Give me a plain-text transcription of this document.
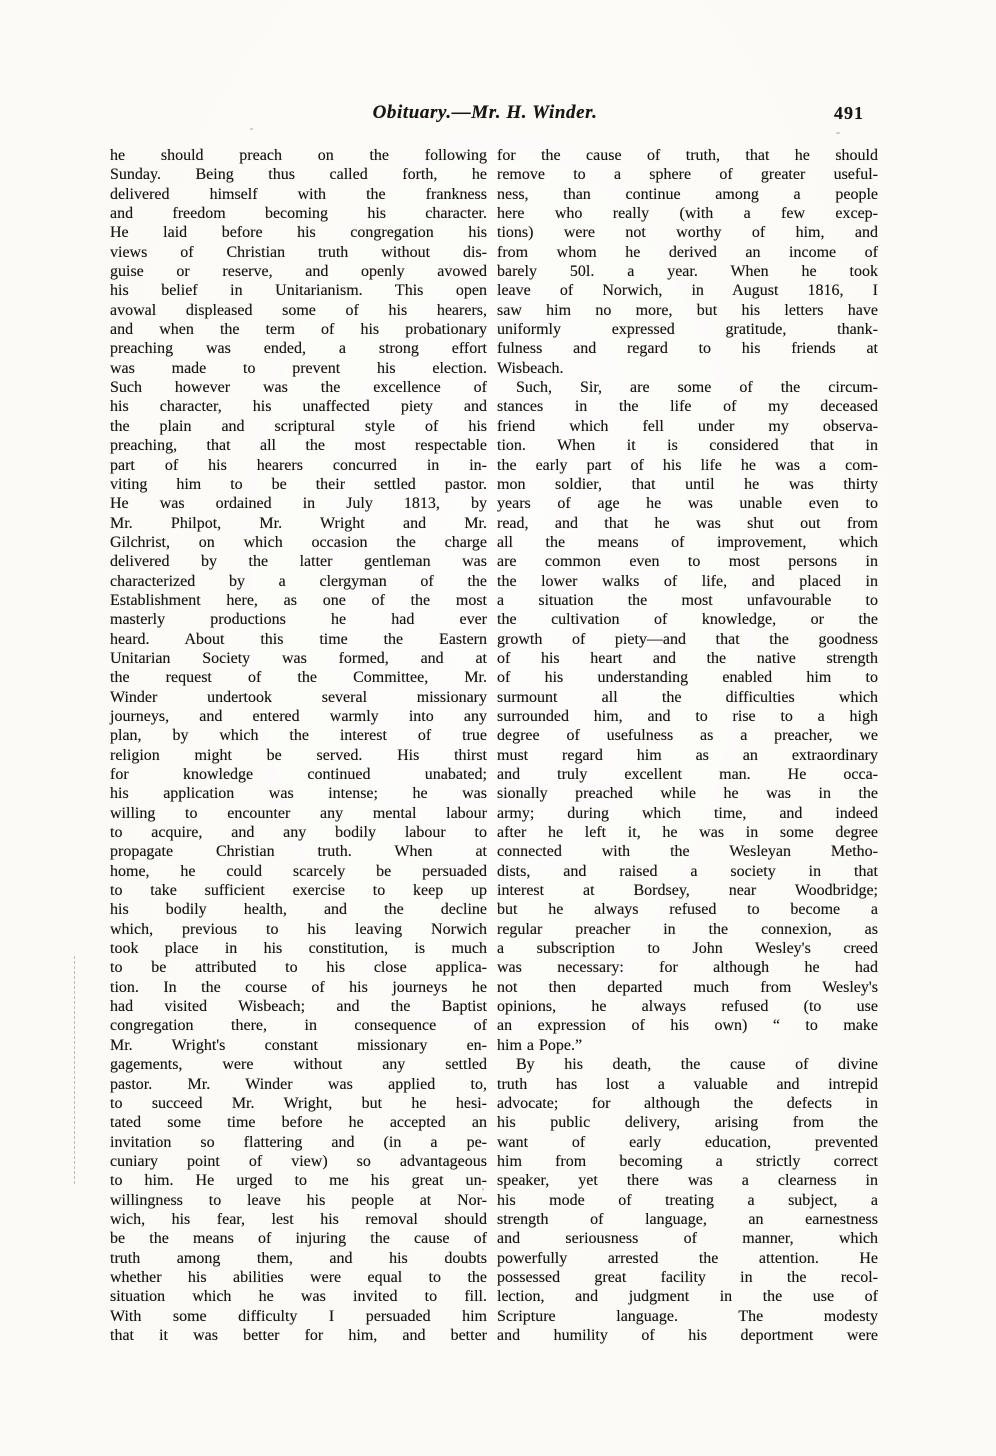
Obituary.—Mr. H. Winder.	491
he should preach on the following
Sunday. Being thus called forth, he
delivered himself with the frankness
and freedom becoming his character.
He laid before his congregation his
views of Christian truth without dis-
guise or reserve, and openly avowed
his belief in Unitarianism. This open
avowal displeased some of his hearers,
and when the term of his probationary
preaching was ended, a strong effort
was made to prevent his election.
Such however was the excellence of
his character, his unaffected piety and
the plain and scriptural style of his
preaching, that all the most respectable
part of his hearers concurred in in-
viting him to be their settled pastor.
He was ordained in July 1813, by
Mr. Philpot, Mr. Wright and Mr.
Gilchrist, on which occasion the charge
delivered by the latter gentleman was
characterized by a clergyman of the
Establishment here, as one of the most
masterly productions he had ever
heard. About this time the Eastern
Unitarian Society was formed, and at
the request of the Committee, Mr.
Winder undertook several missionary
journeys, and entered warmly into any
plan, by which the interest of true
religion might be served. His thirst
for knowledge continued unabated;
his application was intense; he was
willing to encounter any mental labour
to acquire, and any bodily labour to
propagate Christian truth. When at
home, he could scarcely be persuaded
to take sufficient exercise to keep up
his bodily health, and the decline
which, previous to his leaving Norwich
took place in his constitution, is much
to be attributed to his close applica-
tion. In the course of his journeys he
had visited Wisbeach; and the Baptist
congregation there, in consequence of
Mr. Wright's constant missionary en-
gagements, were without any settled
pastor. Mr. Winder was applied to,
to succeed Mr. Wright, but he hesi-
tated some time before he accepted an
invitation so flattering and (in a pe-
cuniary point of view) so advantageous
to him. He urged to me his great un-
willingness to leave his people at Nor-
wich, his fear, lest his removal should
be the means of injuring the cause of
truth among them, and his doubts
whether his abilities were equal to the
situation which he was invited to fill.
With some difficulty I persuaded him
that it was better for him, and better
for the cause of truth, that he should
remove to a sphere of greater useful-
ness, than continue among a people
here who really (with a few excep-
tions) were not worthy of him, and
from whom he derived an income of
barely 50l. a year. When he took
leave of Norwich, in August 1816, I
saw him no more, but his letters have
uniformly expressed gratitude, thank-
fulness and regard to his friends at
Wisbeach.
Such, Sir, are some of the circum-
stances in the life of my deceased
friend which fell under my observa-
tion. When it is considered that in
the early part of his life he was a com-
mon soldier, that until he was thirty
years of age he was unable even to
read, and that he was shut out from
all the means of improvement, which
are common even to most persons in
the lower walks of life, and placed in
a situation the most unfavourable to
the cultivation of knowledge, or the
growth of piety—and that the goodness
of his heart and the native strength
of his understanding enabled him to
surmount all the difficulties which
surrounded him, and to rise to a high
degree of usefulness as a preacher, we
must regard him as an extraordinary
and truly excellent man. He occa-
sionally preached while he was in the
army; during which time, and indeed
after he left it, he was in some degree
connected with the Wesleyan Metho-
dists, and raised a society in that
interest at Bordsey, near Woodbridge;
but he always refused to become a
regular preacher in the connexion, as
a subscription to John Wesley's creed
was necessary: for although he had
not then departed much from Wesley's
opinions, he always refused (to use
an expression of his own) “ to make
him a Pope.”
By his death, the cause of divine
truth has lost a valuable and intrepid
advocate; for although the defects in
his public delivery, arising from the
want of early education, prevented
him from becoming a strictly correct
speaker, yet there was a clearness in
his mode of treating a subject, a
strength of language, an earnestness
and seriousness of manner, which
powerfully arrested the attention. He
possessed great facility in the recol-
lection, and judgment in the use of
Scripture language. The modesty
and humility of his deportment were
